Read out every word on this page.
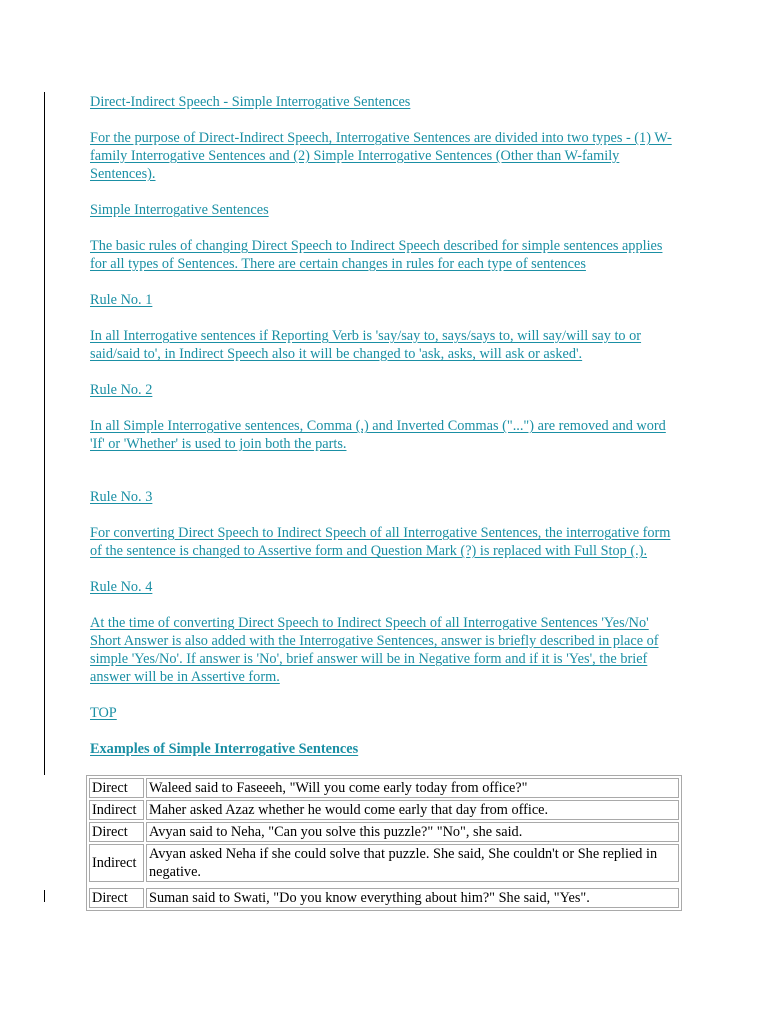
Direct-Indirect Speech - Simple Interrogative Sentences

For the purpose of Direct-Indirect Speech, Interrogative Sentences are divided into two types - (1) W-family Interrogative Sentences and (2) Simple Interrogative Sentences (Other than W-family Sentences).

Simple Interrogative Sentences

The basic rules of changing Direct Speech to Indirect Speech described for simple sentences applies for all types of Sentences. There are certain changes in rules for each type of sentences

Rule No. 1

In all Interrogative sentences if Reporting Verb is 'say/say to, says/says to, will say/will say to or said/said to', in Indirect Speech also it will be changed to 'ask, asks, will ask or asked'.

Rule No. 2

In all Simple Interrogative sentences, Comma (,) and Inverted Commas ("...") are removed and word 'If' or 'Whether' is used to join both the parts.

Rule No. 3

For converting Direct Speech to Indirect Speech of all Interrogative Sentences, the interrogative form of the sentence is changed to Assertive form and Question Mark (?) is replaced with Full Stop (.).

Rule No. 4

At the time of converting Direct Speech to Indirect Speech of all Interrogative Sentences 'Yes/No' Short Answer is also added with the Interrogative Sentences, answer is briefly described in place of simple 'Yes/No'. If answer is 'No', brief answer will be in Negative form and if it is 'Yes', the brief answer will be in Assertive form.

TOP

Examples of Simple Interrogative Sentences

Direct	Waleed said to Faseeeh, "Will you come early today from office?"
Indirect	Maher asked Azaz whether he would come early that day from office.
Direct	Avyan said to Neha, "Can you solve this puzzle?" "No", she said.
Indirect	Avyan asked Neha if she could solve that puzzle. She said, She couldn't or She replied in negative.

Direct	Suman said to Swati, "Do you know everything about him?" She said, "Yes".
